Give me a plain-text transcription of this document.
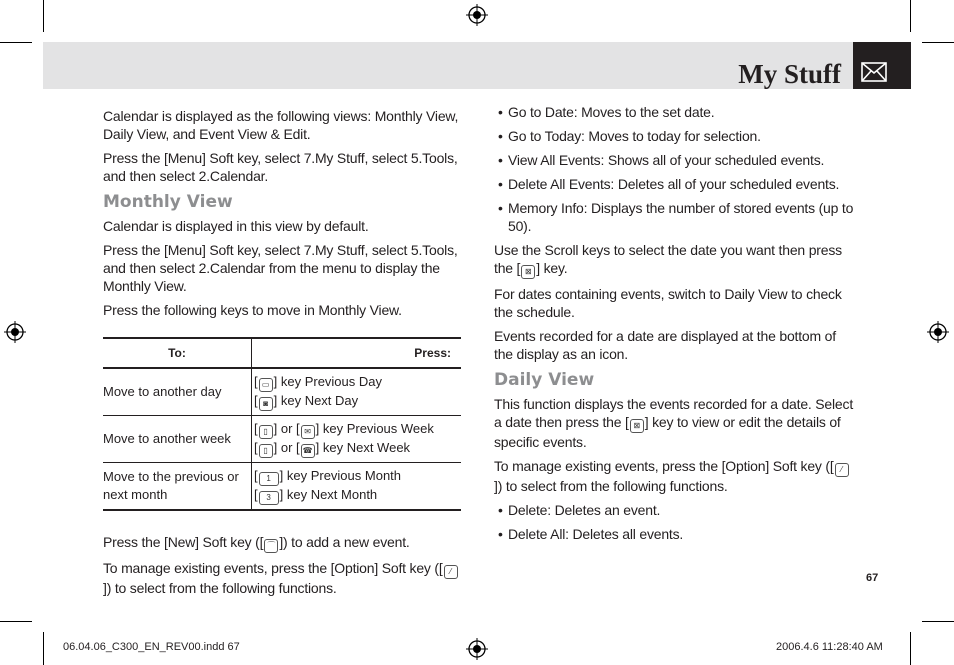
My Stuff

Calendar is displayed as the following views: Monthly View, Daily View, and Event View & Edit.

Press the [Menu] Soft key, select 7.My Stuff, select 5.Tools, and then select 2.Calendar.

Monthly View

Calendar is displayed in this view by default.

Press the [Menu] Soft key, select 7.My Stuff, select 5.Tools, and then select 2.Calendar from the menu to display the Monthly View.

Press the following keys to move in Monthly View.

To:	Press:
Move to another day	[ ▭ ] key Previous Day
[ ◙ ] key Next Day

Move to another week	[ ▯ ] or [ ✉ ] key Previous Week
[ ▯ ] or [ ☎ ] key Next Week

Move to the previous or next month	[ 1 ] key Previous Month
[ 3 ] key Next Month

Press the [New] Soft key ([ ⌒ ]) to add a new event.

To manage existing events, press the [Option] Soft key ([ ⁄]) to select from the following functions.

• Go to Date: Moves to the set date.
• Go to Today: Moves to today for selection.
• View All Events: Shows all of your scheduled events.
• Delete All Events: Deletes all of your scheduled events.
• Memory Info: Displays the number of stored events (up to 50).

Use the Scroll keys to select the date you want then press the [ ⊠ ] key.

For dates containing events, switch to Daily View to check the schedule.

Events recorded for a date are displayed at the bottom of the display as an icon.

Daily View

This function displays the events recorded for a date. Select a date then press the [ ⊠ ] key to view or edit the details of specific events.

To manage existing events, press the [Option] Soft key ([ ⁄]) to select from the following functions.

• Delete: Deletes an event.
• Delete All: Deletes all events.
67
06.04.06_C300_EN_REV00.indd 67	2006.4.6 11:28:40 AM
